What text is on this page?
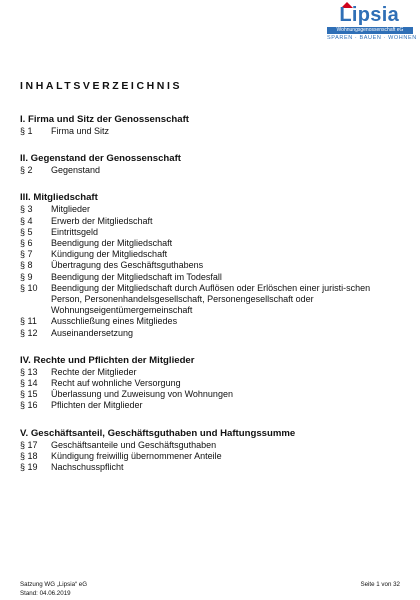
Lipsia
Wohnungsgenossenschaft eG
SPAREN · BAUEN · WOHNEN
INHALTSVERZEICHNIS
I. Firma und Sitz der Genossenschaft
§ 1	Firma und Sitz
II. Gegenstand der Genossenschaft
§ 2	Gegenstand
III. Mitgliedschaft
§ 3	Mitglieder
§ 4	Erwerb der Mitgliedschaft
§ 5	Eintrittsgeld
§ 6	Beendigung der Mitgliedschaft
§ 7	Kündigung der Mitgliedschaft
§ 8	Übertragung des Geschäftsguthabens
§ 9	Beendigung der Mitgliedschaft im Todesfall
§ 10	Beendigung der Mitgliedschaft durch Auflösen oder Erlöschen einer juristi-schen Person, Personenhandelsgesellschaft, Personengesellschaft oder Wohnungseigentümergemeinschaft
§ 11	Ausschließung eines Mitgliedes
§ 12	Auseinandersetzung
IV. Rechte und Pflichten der Mitglieder
§ 13	Rechte der Mitglieder
§ 14	Recht auf wohnliche Versorgung
§ 15	Überlassung und Zuweisung von Wohnungen
§ 16	Pflichten der Mitglieder
V. Geschäftsanteil, Geschäftsguthaben und Haftungssumme
§ 17	Geschäftsanteile und Geschäftsguthaben
§ 18	Kündigung freiwillig übernommener Anteile
§ 19	Nachschusspflicht
Satzung WG „Lipsia“ eG
Stand: 04.06.2019
Seite 1 von 32
